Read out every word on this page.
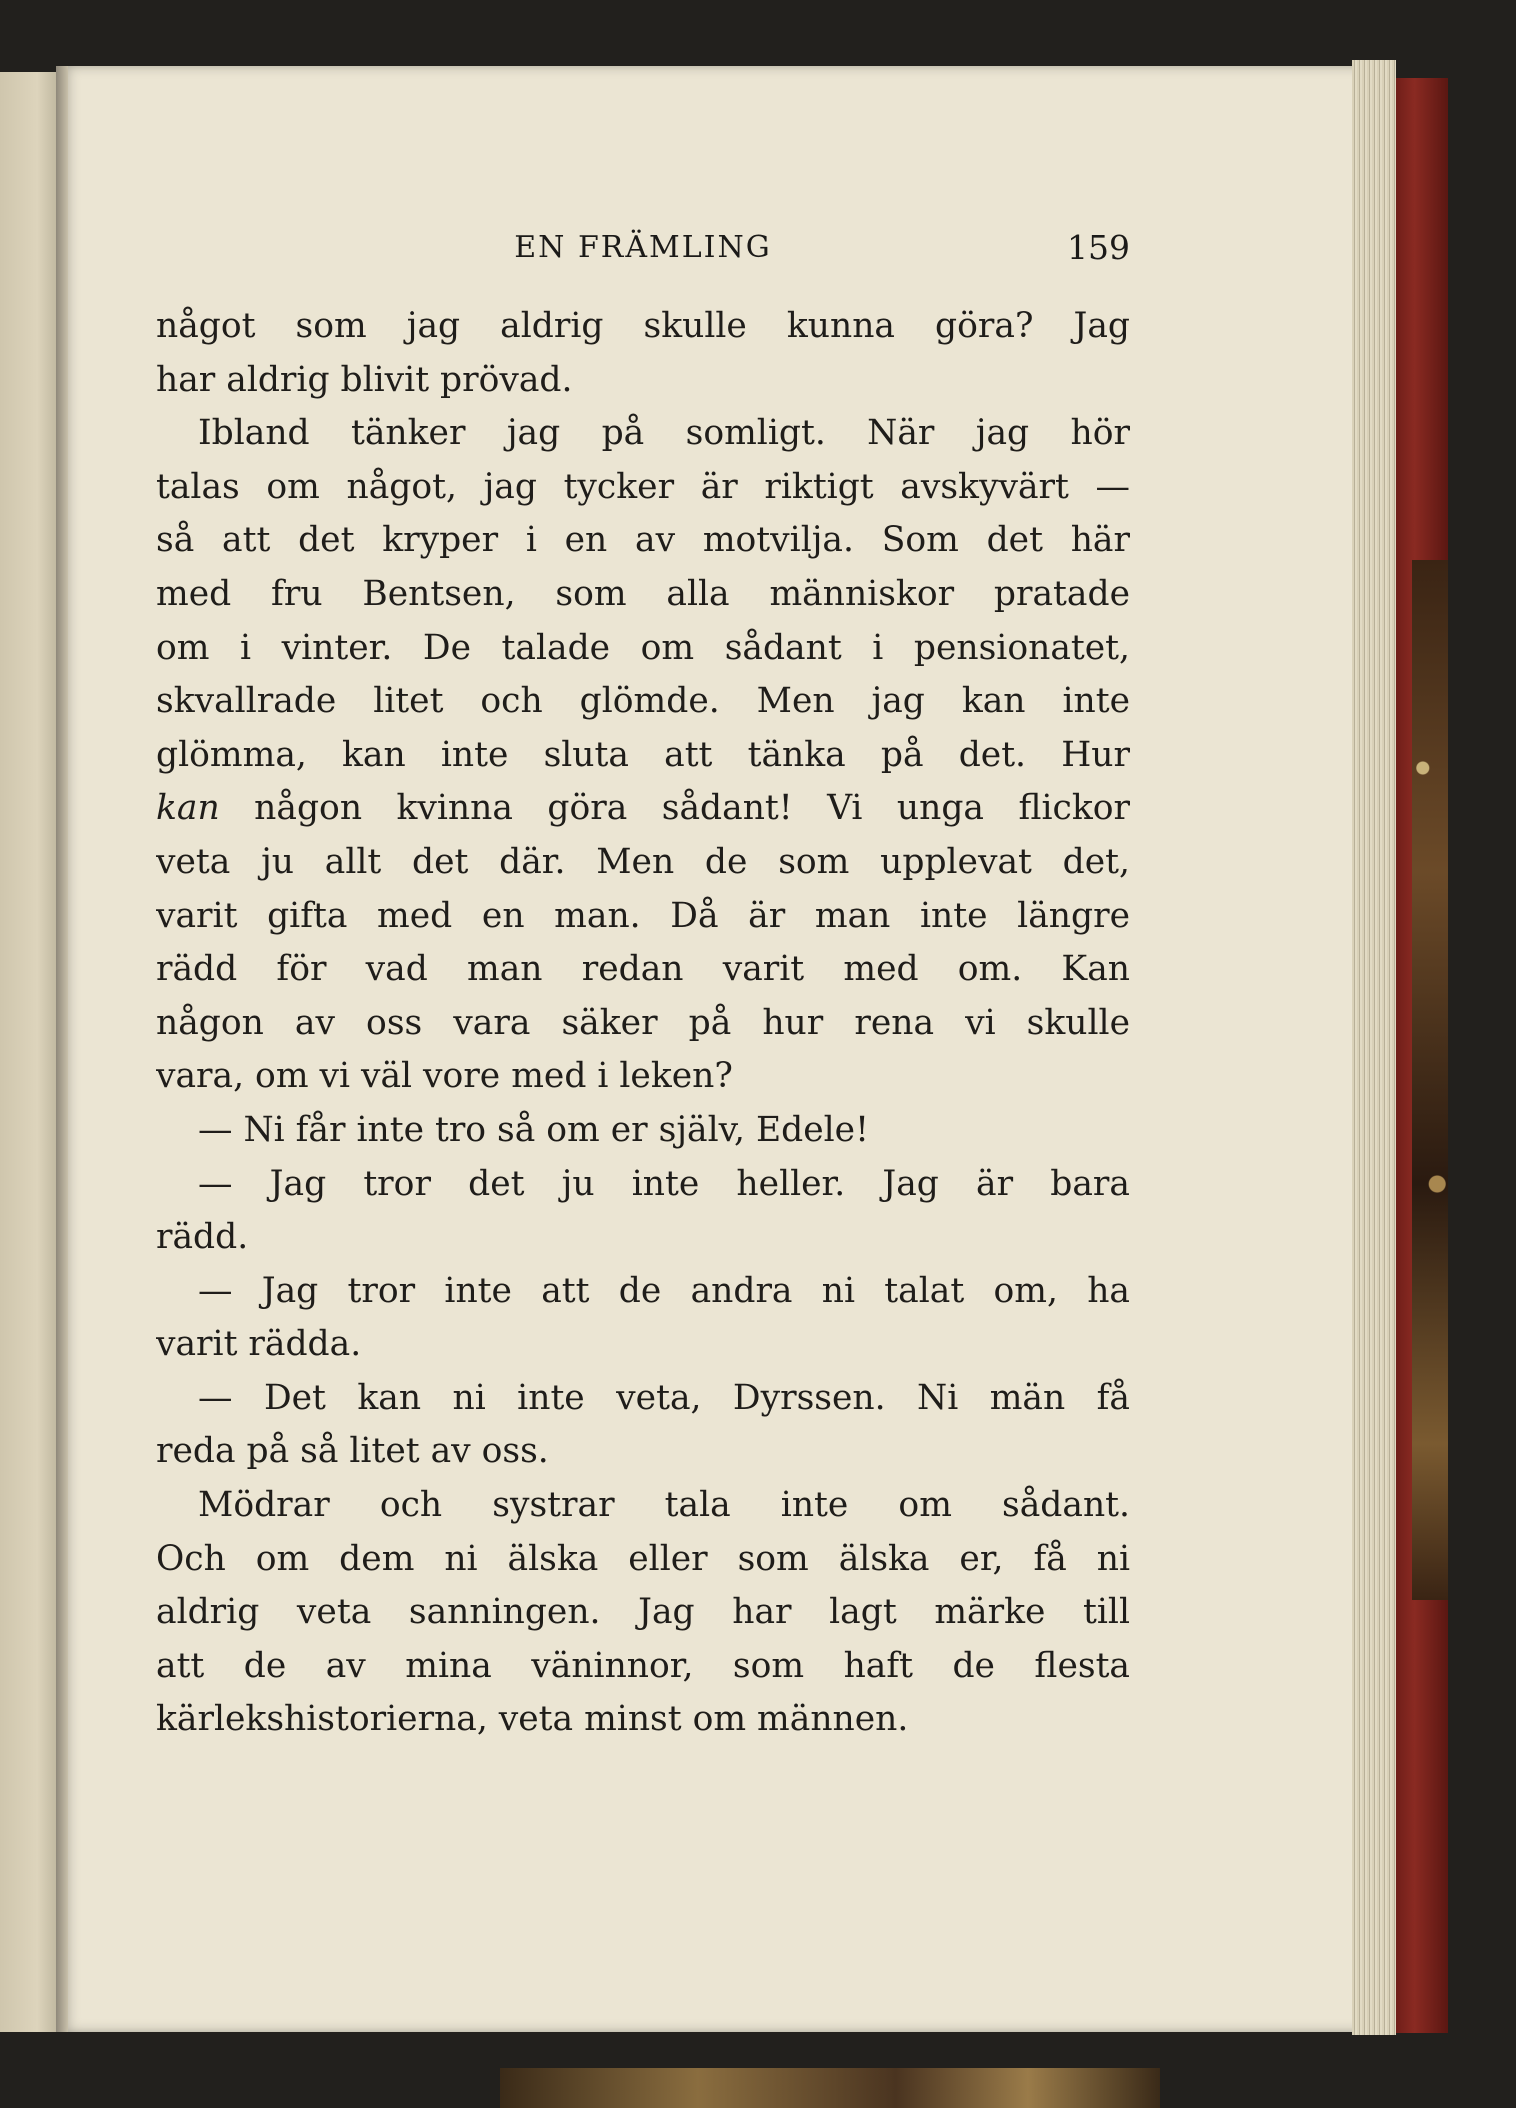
EN FRÄMLING	159
något som jag aldrig skulle kunna göra? Jag
har aldrig blivit prövad.
Ibland tänker jag på somligt. När jag hör
talas om något, jag tycker är riktigt avskyvärt —
så att det kryper i en av motvilja. Som det här
med fru Bentsen, som alla människor pratade
om i vinter. De talade om sådant i pensionatet,
skvallrade litet och glömde. Men jag kan inte
glömma, kan inte sluta att tänka på det. Hur
kan någon kvinna göra sådant! Vi unga flickor
veta ju allt det där. Men de som upplevat det,
varit gifta med en man. Då är man inte längre
rädd för vad man redan varit med om. Kan
någon av oss vara säker på hur rena vi skulle
vara, om vi väl vore med i leken?
— Ni får inte tro så om er själv, Edele!
— Jag tror det ju inte heller. Jag är bara
rädd.
— Jag tror inte att de andra ni talat om, ha
varit rädda.
— Det kan ni inte veta, Dyrssen. Ni män få
reda på så litet av oss.
Mödrar och systrar tala inte om sådant.
Och om dem ni älska eller som älska er, få ni
aldrig veta sanningen. Jag har lagt märke till
att de av mina väninnor, som haft de flesta
kärlekshistorierna, veta minst om männen.
